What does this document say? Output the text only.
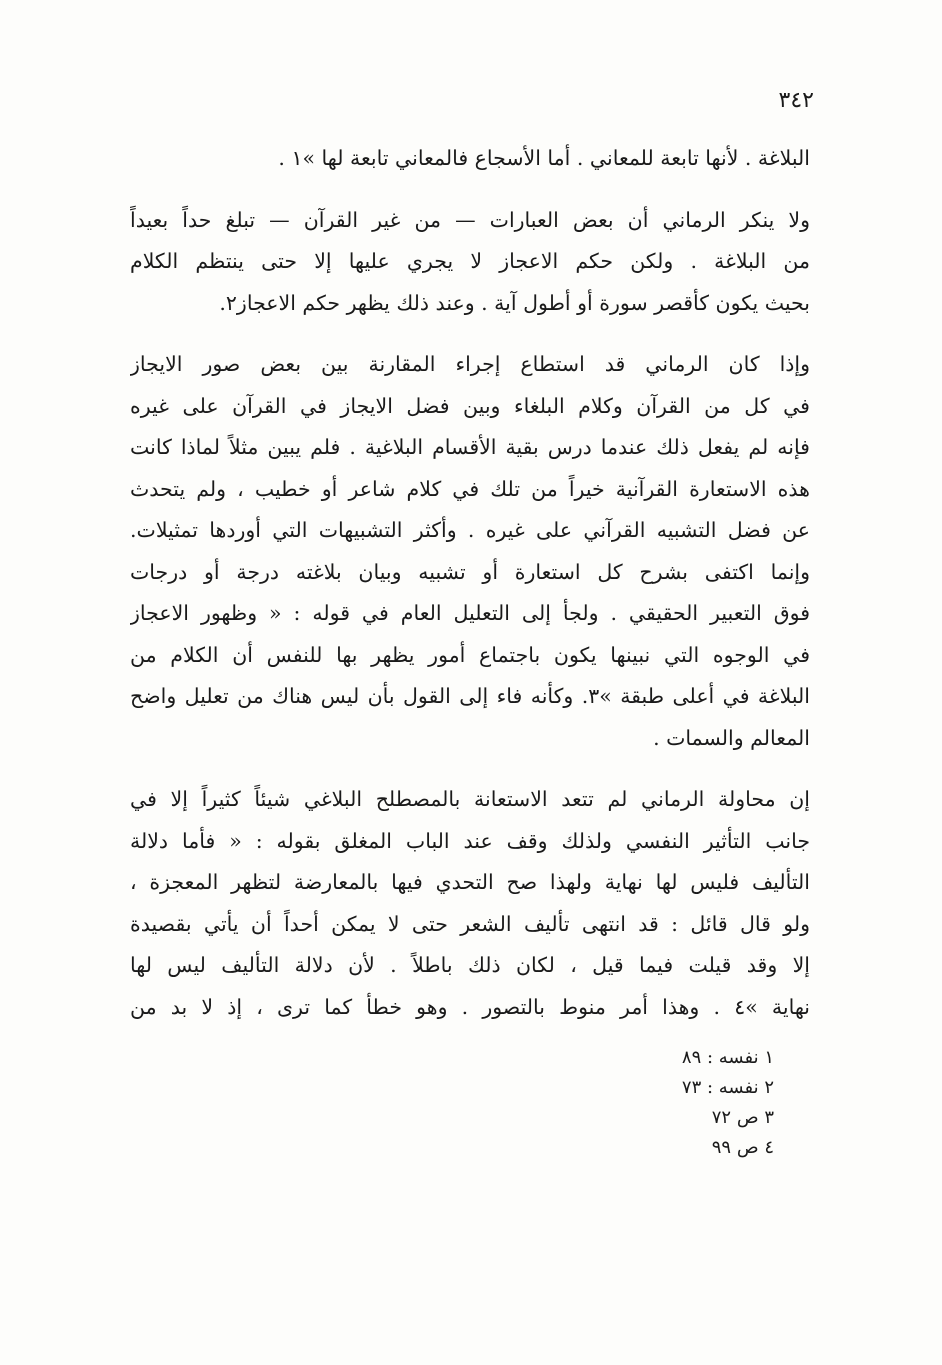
٣٤٢
البلاغة . لأنها تابعة للمعاني . أما الأسجاع فالمعاني تابعة لها »١ .
ولا ينكر الرماني أن بعض العبارات — من غير القرآن — تبلغ حداً بعيداً
من البلاغة . ولكن حكم الاعجاز لا يجري عليها إلا حتى ينتظم الكلام
بحيث يكون كأقصر سورة أو أطول آية . وعند ذلك يظهر حكم الاعجاز٢.
وإذا كان الرماني قد استطاع إجراء المقارنة بين بعض صور الايجاز
في كل من القرآن وكلام البلغاء وبين فضل الايجاز في القرآن على غيره
فإنه لم يفعل ذلك عندما درس بقية الأقسام البلاغية . فلم يبين مثلاً لماذا كانت
هذه الاستعارة القرآنية خيراً من تلك في كلام شاعر أو خطيب ، ولم يتحدث
عن فضل التشبيه القرآني على غيره . وأكثر التشبيهات التي أوردها تمثيلات.
وإنما اكتفى بشرح كل استعارة أو تشبيه وبيان بلاغته درجة أو درجات
فوق التعبير الحقيقي . ولجأ إلى التعليل العام في قوله : « وظهور الاعجاز
في الوجوه التي نبينها يكون باجتماع أمور يظهر بها للنفس أن الكلام من
البلاغة في أعلى طبقة »٣. وكأنه فاء إلى القول بأن ليس هناك من تعليل واضح
المعالم والسمات .
إن محاولة الرماني لم تتعد الاستعانة بالمصطلح البلاغي شيئاً كثيراً إلا في
جانب التأثير النفسي ولذلك وقف عند الباب المغلق بقوله : « فأما دلالة
التأليف فليس لها نهاية ولهذا صح التحدي فيها بالمعارضة لتظهر المعجزة ،
ولو قال قائل : قد انتهى تأليف الشعر حتى لا يمكن أحداً أن يأتي بقصيدة
إلا وقد قيلت فيما قيل ، لكان ذلك باطلاً . لأن دلالة التأليف ليس لها
نهاية »٤ . وهذا أمر منوط بالتصور . وهو خطأ كما ترى ، إذ لا بد من
١ نفسه : ٨٩
٢ نفسه : ٧٣
٣ ص ٧٢
٤ ص ٩٩
